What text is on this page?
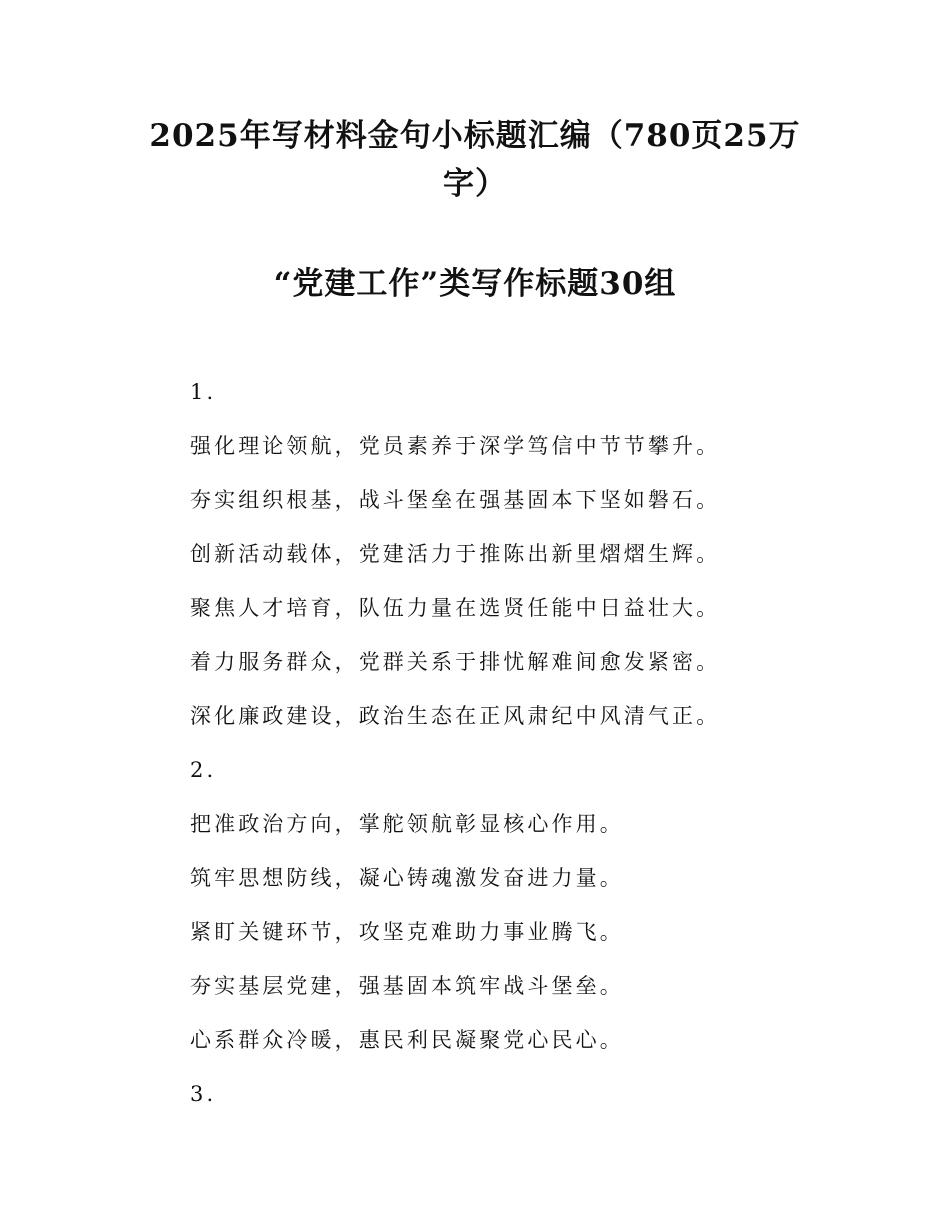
2025年写材料金句小标题汇编（780页25万字）
“党建工作”类写作标题30组
1.
强化理论领航，党员素养于深学笃信中节节攀升。
夯实组织根基，战斗堡垒在强基固本下坚如磐石。
创新活动载体，党建活力于推陈出新里熠熠生辉。
聚焦人才培育，队伍力量在选贤任能中日益壮大。
着力服务群众，党群关系于排忧解难间愈发紧密。
深化廉政建设，政治生态在正风肃纪中风清气正。
2.
把准政治方向，掌舵领航彰显核心作用。
筑牢思想防线，凝心铸魂激发奋进力量。
紧盯关键环节，攻坚克难助力事业腾飞。
夯实基层党建，强基固本筑牢战斗堡垒。
心系群众冷暖，惠民利民凝聚党心民心。
3.
